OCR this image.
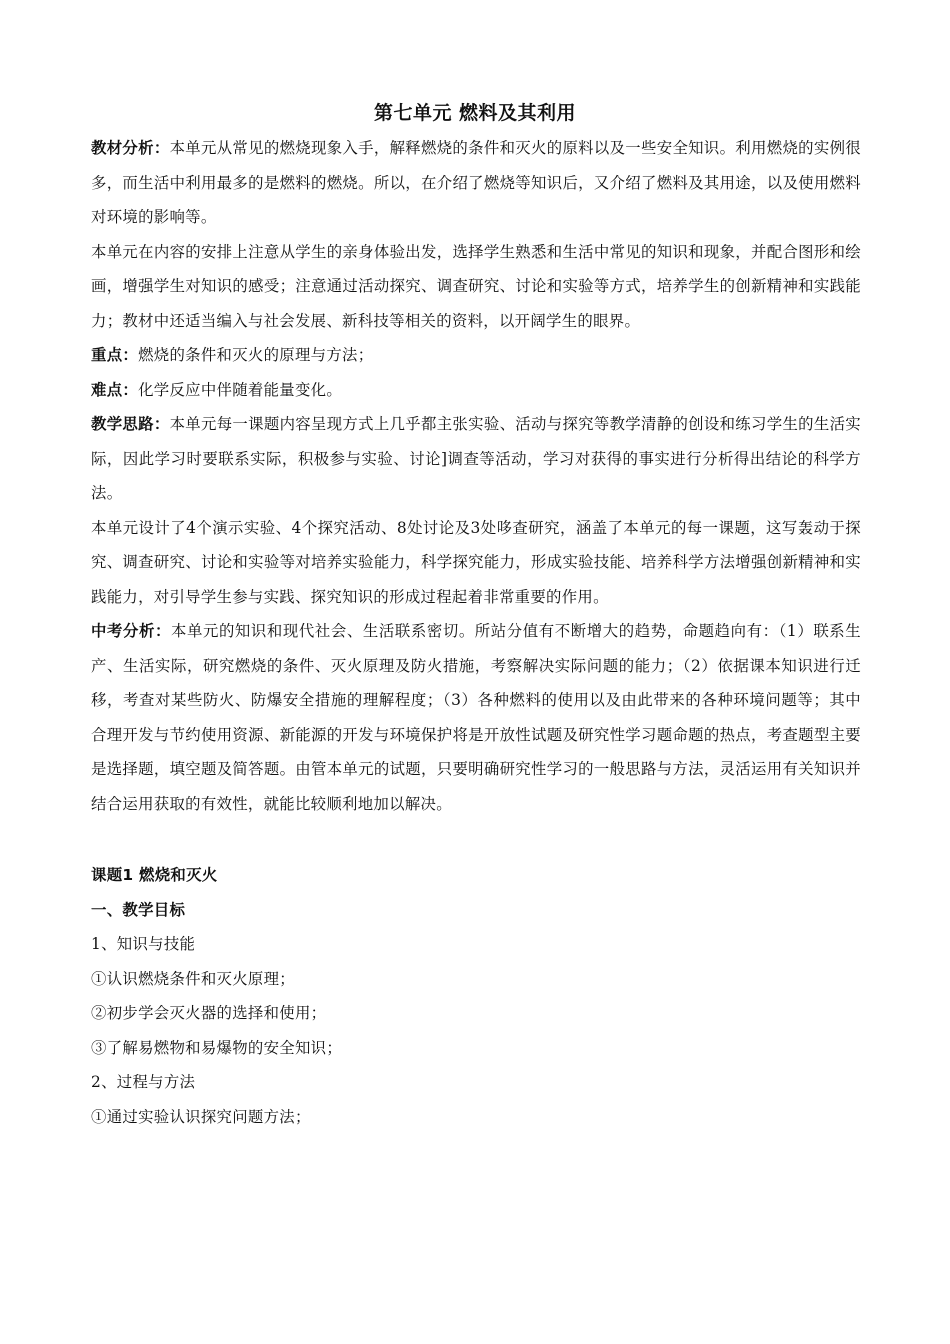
第七单元 燃料及其利用

教材分析：本单元从常见的燃烧现象入手，解释燃烧的条件和灭火的原料以及一些安全知识。利用燃烧的实例很多，而生活中利用最多的是燃料的燃烧。所以，在介绍了燃烧等知识后，又介绍了燃料及其用途，以及使用燃料对环境的影响等。

本单元在内容的安排上注意从学生的亲身体验出发，选择学生熟悉和生活中常见的知识和现象，并配合图形和绘画，增强学生对知识的感受；注意通过活动探究、调查研究、讨论和实验等方式，培养学生的创新精神和实践能力；教材中还适当编入与社会发展、新科技等相关的资料，以开阔学生的眼界。

重点：燃烧的条件和灭火的原理与方法；

难点：化学反应中伴随着能量变化。

教学思路：本单元每一课题内容呈现方式上几乎都主张实验、活动与探究等教学清静的创设和练习学生的生活实际，因此学习时要联系实际，积极参与实验、讨论]调查等活动，学习对获得的事实进行分析得出结论的科学方法。

本单元设计了4个演示实验、4个探究活动、8处讨论及3处哆查研究，涵盖了本单元的每一课题，这写轰动于探究、调查研究、讨论和实验等对培养实验能力，科学探究能力，形成实验技能、培养科学方法增强创新精神和实践能力，对引导学生参与实践、探究知识的形成过程起着非常重要的作用。

中考分析：本单元的知识和现代社会、生活联系密切。所站分值有不断增大的趋势，命题趋向有：（1）联系生产、生活实际，研究燃烧的条件、灭火原理及防火措施，考察解决实际问题的能力；（2）依据课本知识进行迁移，考查对某些防火、防爆安全措施的理解程度；（3）各种燃料的使用以及由此带来的各种环境问题等；其中合理开发与节约使用资源、新能源的开发与环境保护将是开放性试题及研究性学习题命题的热点，考查题型主要是选择题，填空题及简答题。由管本单元的试题，只要明确研究性学习的一般思路与方法，灵活运用有关知识并结合运用获取的有效性，就能比较顺利地加以解决。

课题1 燃烧和灭火

一、教学目标

1、知识与技能

①认识燃烧条件和灭火原理；

②初步学会灭火器的选择和使用；

③了解易燃物和易爆物的安全知识；

2、过程与方法

①通过实验认识探究问题方法；
